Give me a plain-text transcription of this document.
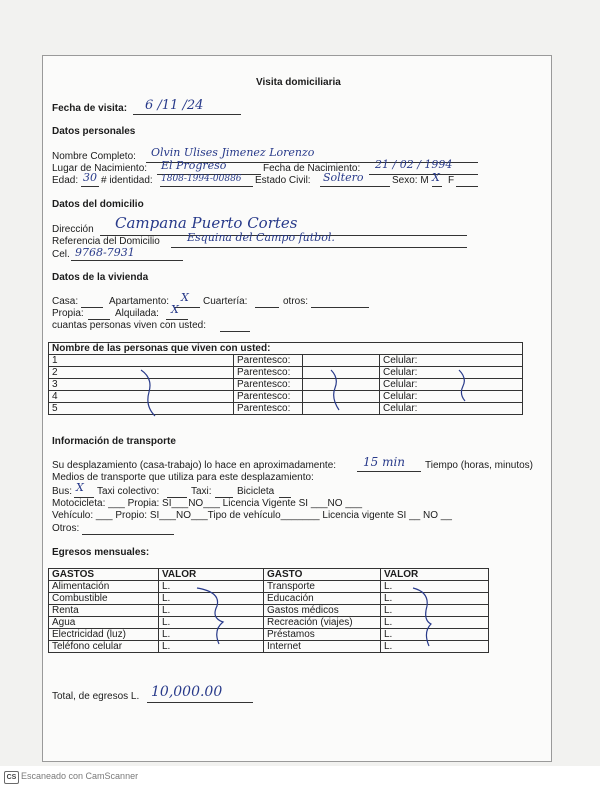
Visita domiciliaria
Fecha de visita: 6 /11 /24
Datos personales
Nombre Completo: Olvin Ulises Jimenez Lorenzo
Lugar de Nacimiento: El Progreso	Fecha de Nacimiento: 21 / 02 / 1994
Edad: 30 # identidad: 1808-1994-00886 Estado Civil: Soltero	Sexo: M X F
Datos del domicilio
Dirección Campana Puerto Cortes
Referencia del Domicilio Esquina del Campo futbol.
Cel. 9768-7931
Datos de la vivienda
Casa:	Apartamento: X Cuartería:	otros:
Propia:	Alquilada: X
cuantas personas viven con usted:
Nombre de las personas que viven con usted:			
1	Parentesco:		Celular:
2	Parentesco:		Celular:
3	Parentesco:		Celular:
4	Parentesco:		Celular:
5	Parentesco:		Celular:
Información de transporte
Su desplazamiento (casa-trabajo) lo hace en aproximadamente: 15 min Tiempo (horas, minutos)
Medios de transporte que utiliza para este desplazamiento:
Bus: X Taxi colectivo:	Taxi:	Bicicleta
Motocicleta: ___ Propia: SI___NO___ Licencia Vigente SI ___NO ___
Vehículo: ___ Propio: SI___NO___Tipo de vehículo_______ Licencia vigente SI __ NO __
Otros:
Egresos mensuales:
GASTOS	VALOR	GASTO	VALOR
Alimentación	L.	Transporte	L.
Combustible	L.	Educación	L.
Renta	L.	Gastos médicos	L.
Agua	L.	Recreación (viajes)	L.
Electricidad (luz)	L.	Préstamos	L.
Teléfono celular	L.	Internet	L.
Total, de egresos L. 10,000.00
CS Escaneado con CamScanner
